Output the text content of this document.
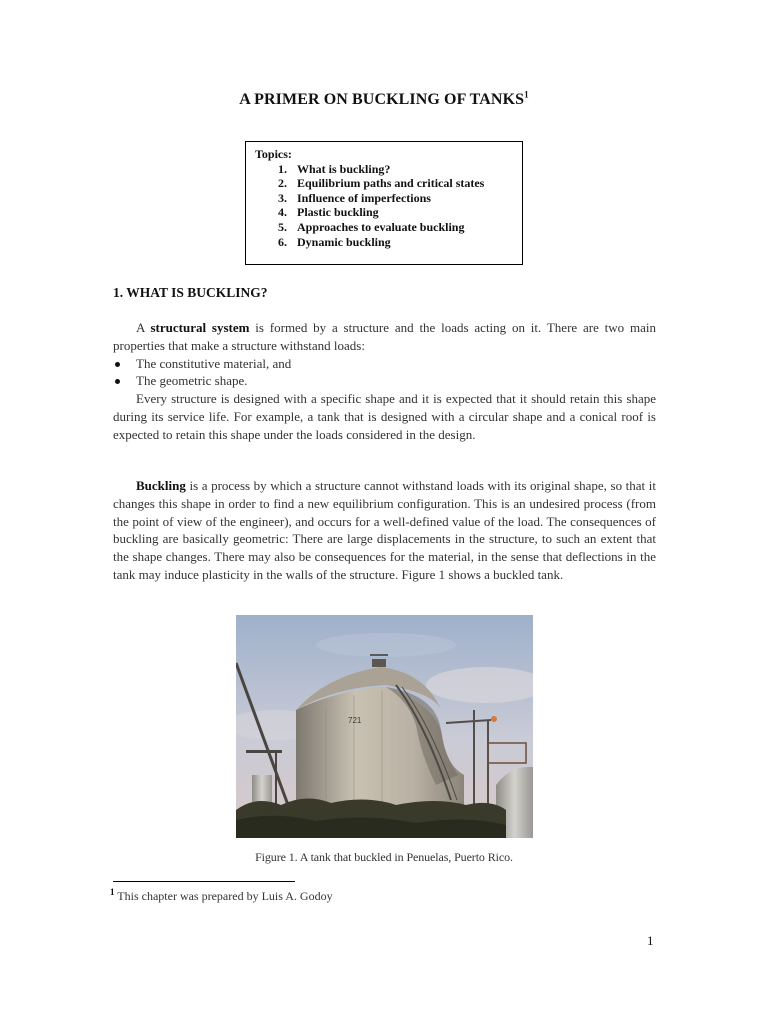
A PRIMER ON BUCKLING OF TANKS$^1$
Topics:
1. What is buckling?
2. Equilibrium paths and critical states
3. Influence of imperfections
4. Plastic buckling
5. Approaches to evaluate buckling
6. Dynamic buckling
1. WHAT IS BUCKLING?

A structural system is formed by a structure and the loads acting on it. There are two main properties that make a structure withstand loads:

The constitutive material, and
The geometric shape.

Every structure is designed with a specific shape and it is expected that it should retain this shape during its service life. For example, a tank that is designed with a circular shape and a conical roof is expected to retain this shape under the loads considered in the design.

Buckling is a process by which a structure cannot withstand loads with its original shape, so that it changes this shape in order to find a new equilibrium configuration. This is an undesired process (from the point of view of the engineer), and occurs for a well-defined value of the load. The consequences of buckling are basically geometric: There are large displacements in the structure, to such an extent that the shape changes. There may also be consequences for the material, in the sense that deflections in the tank may induce plasticity in the walls of the structure. Figure 1 shows a buckled tank.

721
Figure 1. A tank that buckled in Penuelas, Puerto Rico.
$^1$ This chapter was prepared by Luis A. Godoy
1
